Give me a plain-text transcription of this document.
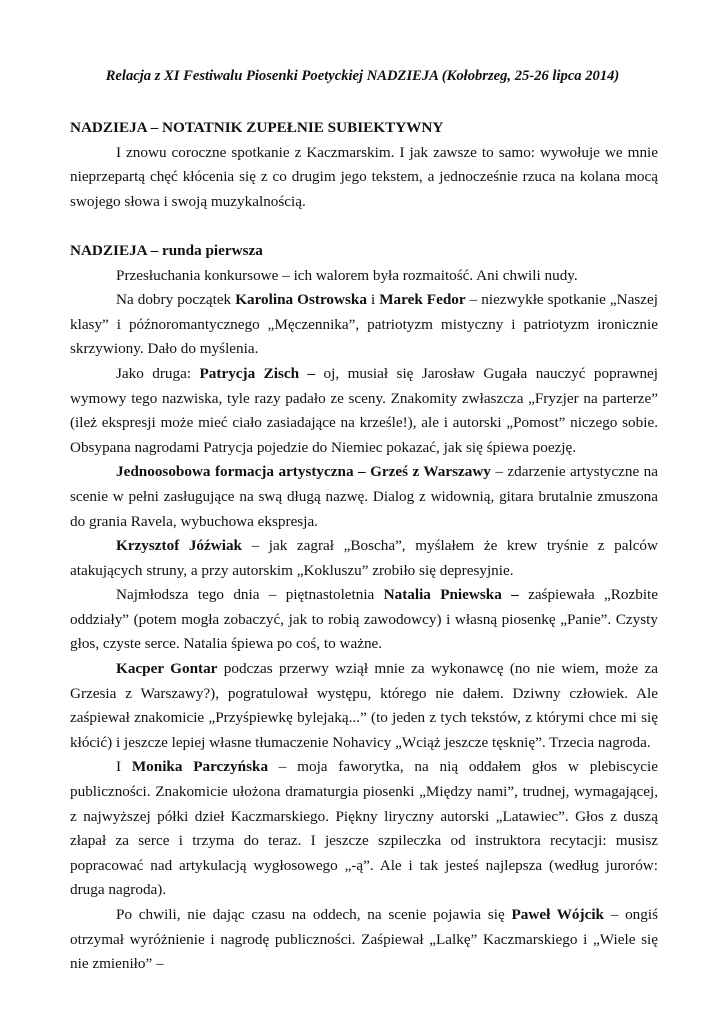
Relacja z XI Festiwalu Piosenki Poetyckiej NADZIEJA (Kołobrzeg, 25-26 lipca 2014)
NADZIEJA – NOTATNIK ZUPEŁNIE SUBIEKTYWNY

I znowu coroczne spotkanie z Kaczmarskim. I jak zawsze to samo: wywołuje we mnie nieprzepartą chęć kłócenia się z co drugim jego tekstem, a jednocześnie rzuca na kolana mocą swojego słowa i swoją muzykalnością.

NADZIEJA – runda pierwsza

Przesłuchania konkursowe – ich walorem była rozmaitość. Ani chwili nudy.

Na dobry początek Karolina Ostrowska i Marek Fedor – niezwykłe spotkanie „Naszej klasy” i późnoromantycznego „Męczennika”, patriotyzm mistyczny i patriotyzm ironicznie skrzywiony. Dało do myślenia.

Jako druga: Patrycja Zisch – oj, musiał się Jarosław Gugała nauczyć poprawnej wymowy tego nazwiska, tyle razy padało ze sceny. Znakomity zwłaszcza „Fryzjer na parterze” (ileż ekspresji może mieć ciało zasiadające na krześle!), ale i autorski „Pomost” niczego sobie. Obsypana nagrodami Patrycja pojedzie do Niemiec pokazać, jak się śpiewa poezję.

Jednoosobowa formacja artystyczna – Grześ z Warszawy – zdarzenie artystyczne na scenie w pełni zasługujące na swą długą nazwę. Dialog z widownią, gitara brutalnie zmuszona do grania Ravela, wybuchowa ekspresja.

Krzysztof Jóźwiak – jak zagrał „Boscha”, myślałem że krew tryśnie z palców atakujących struny, a przy autorskim „Kokluszu” zrobiło się depresyjnie.

Najmłodsza tego dnia – piętnastoletnia Natalia Pniewska – zaśpiewała „Rozbite oddziały” (potem mogła zobaczyć, jak to robią zawodowcy) i własną piosenkę „Panie”. Czysty głos, czyste serce. Natalia śpiewa po coś, to ważne.

Kacper Gontar podczas przerwy wziął mnie za wykonawcę (no nie wiem, może za Grzesia z Warszawy?), pogratulował występu, którego nie dałem. Dziwny człowiek. Ale zaśpiewał znakomicie „Przyśpiewkę bylejaką...” (to jeden z tych tekstów, z którymi chce mi się kłócić) i jeszcze lepiej własne tłumaczenie Nohavicy „Wciąż jeszcze tęsknię”. Trzecia nagroda.

I Monika Parczyńska – moja faworytka, na nią oddałem głos w plebiscycie publiczności. Znakomicie ułożona dramaturgia piosenki „Między nami”, trudnej, wymagającej, z najwyższej półki dzieł Kaczmarskiego. Piękny liryczny autorski „Latawiec”. Głos z duszą złapał za serce i trzyma do teraz. I jeszcze szpileczka od instruktora recytacji: musisz popracować nad artykulacją wygłosowego „-ą”. Ale i tak jesteś najlepsza (według jurorów: druga nagroda).

Po chwili, nie dając czasu na oddech, na scenie pojawia się Paweł Wójcik – ongiś otrzymał wyróżnienie i nagrodę publiczności. Zaśpiewał „Lalkę” Kaczmarskiego i „Wiele się nie zmieniło” –
